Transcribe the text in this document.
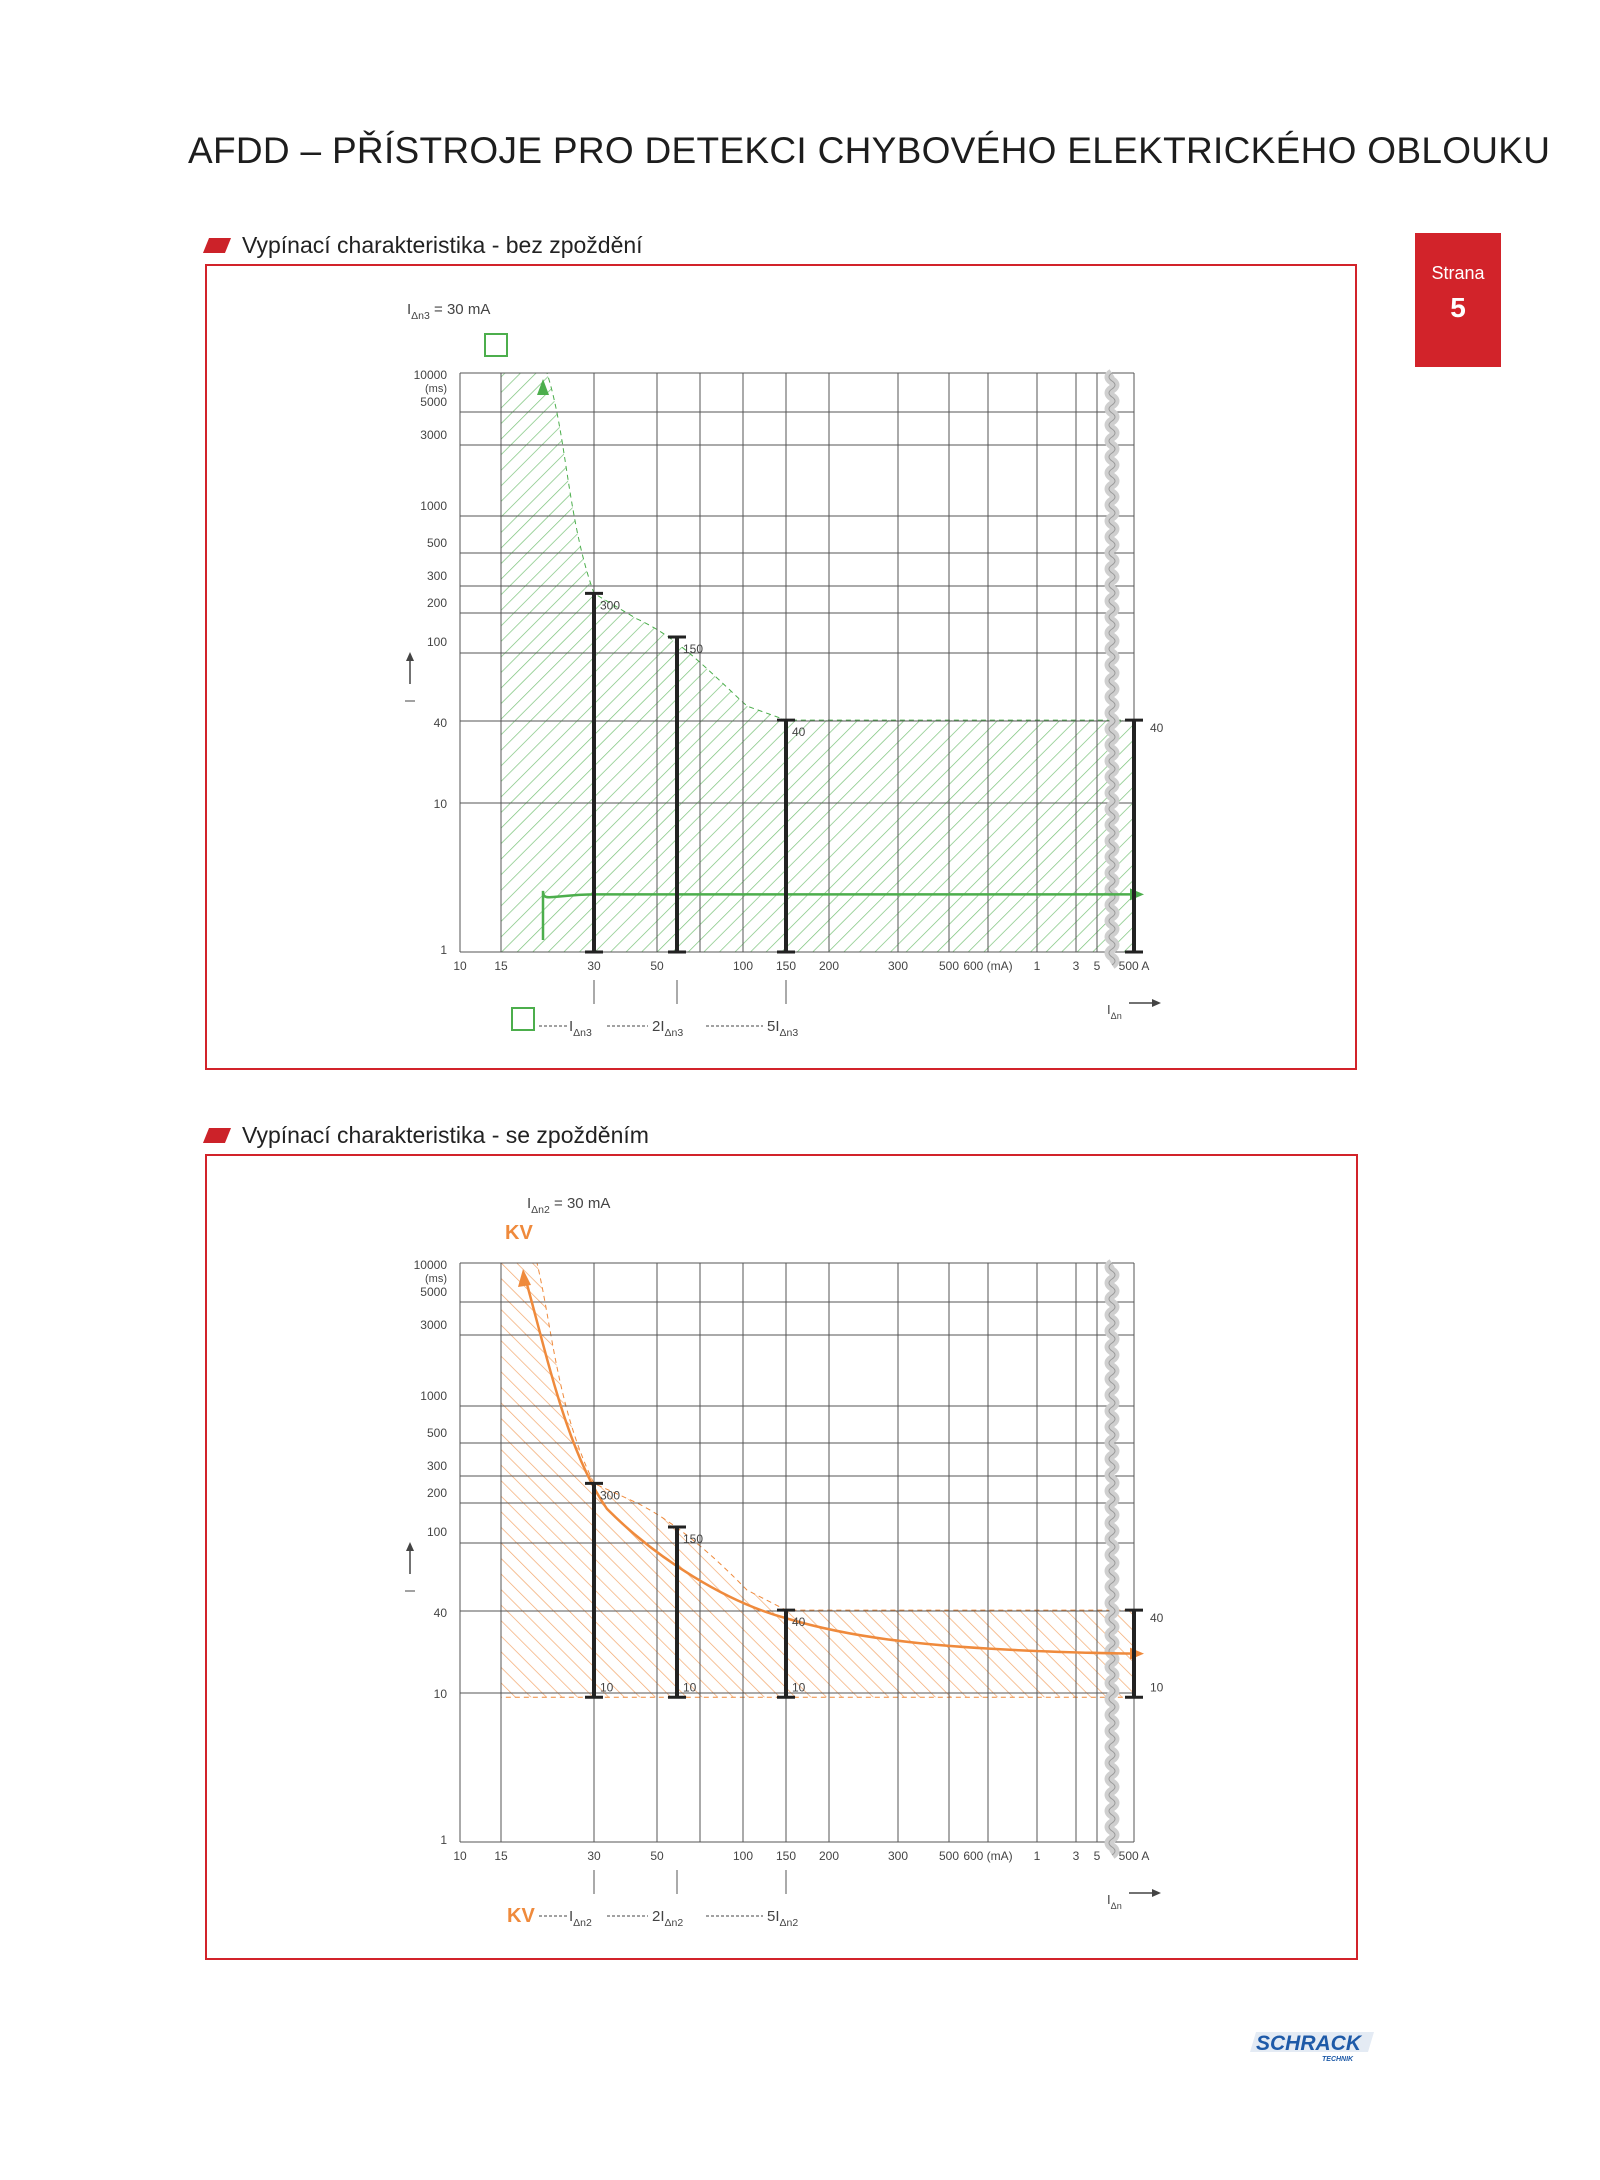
AFDD – PŘÍSTROJE PRO DETEKCI CHYBOVÉHO ELEKTRICKÉHO OBLOUKU
Strana
5
Vypínací charakteristika - bez zpoždění
$I_{\Delta n3} = 30$ mA
10000
(ms)
5000
3000
1000
500
300
200
100
40
10
1
10 15	30	50	100 150 200	300	500 600 (mA) 1	3 5 500 A
$I_{\Delta n}$
300
150
40	40
$I_{\Delta n3}$	$2I_{\Delta n3}$	$5I_{\Delta n3}$
Vypínací charakteristika - se zpožděním
$I_{\Delta n2} = 30$ mA
10000
(ms)
5000
3000
1000
500
300
200
100
40
10
1
10 15	30	50	100 150 200	300	500 600 (mA) 1	3 5 500 A
$I_{\Delta n}$
KV
300
10
150
10
40
10
40
10
KV $I_{\Delta n2}$	$2I_{\Delta n2}$	$5I_{\Delta n2}$
SCHRACK
TECHNIK
